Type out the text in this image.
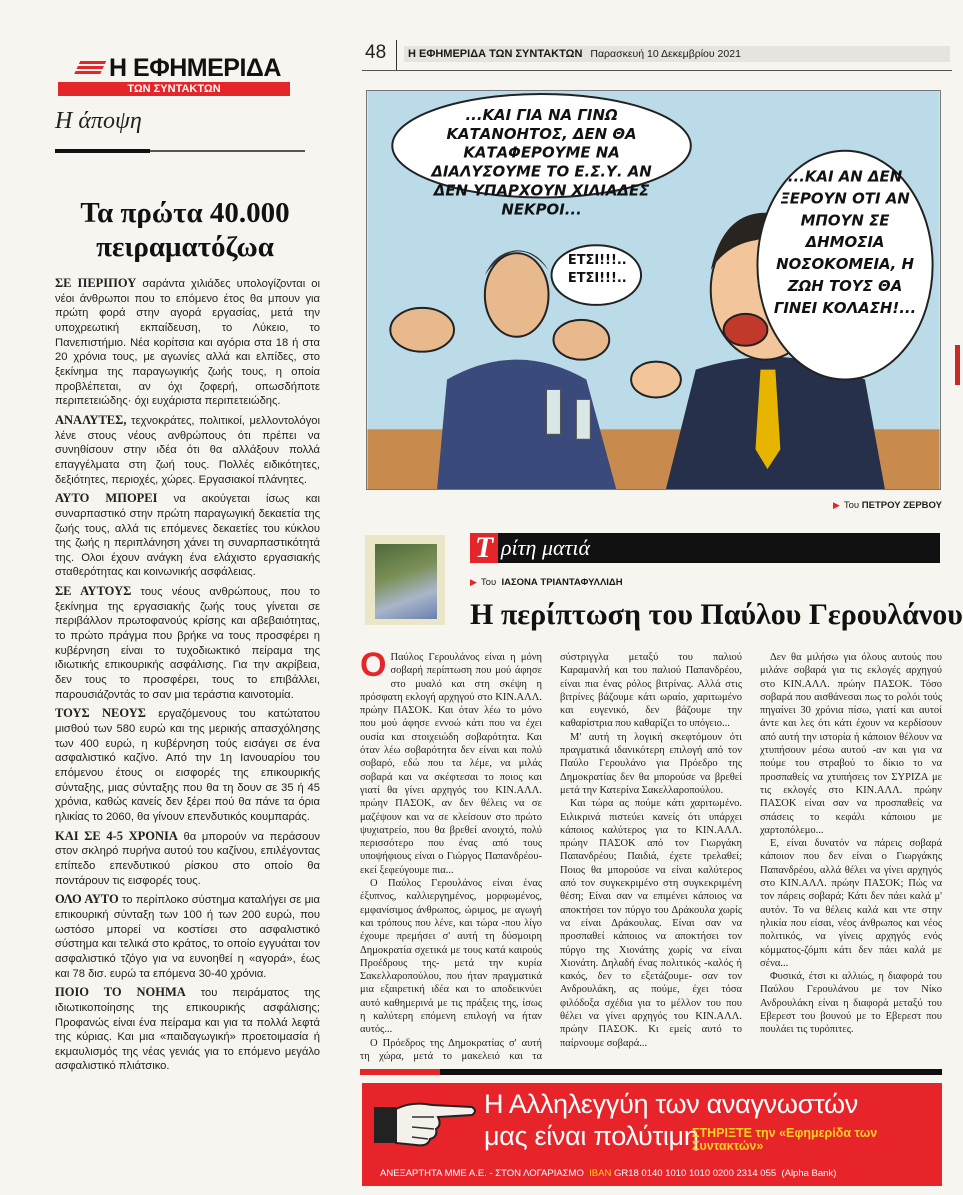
Η ΕΦΗΜΕΡΙΔΑ
ΤΩΝ ΣΥΝΤΑΚΤΩΝ
Η άποψη
Τα πρώτα 40.000 πειραματόζωα

ΣΕ ΠΕΡΙΠΟΥ σαράντα χιλιάδες υπολογίζονται οι νέοι άνθρωποι που το επόμενο έτος θα μπουν για πρώτη φορά στην αγορά εργασίας, μετά την υποχρεωτική εκπαίδευση, το Λύκειο, το Πανεπιστήμιο. Νέα κορίτσια και αγόρια στα 18 ή στα 20 χρόνια τους, με αγωνίες αλλά και ελπίδες, στο ξεκίνημα της παραγωγικής ζωής τους, η οποία προβλέπεται, αν όχι ζοφερή, οπωσδήποτε περιπετειώδης· όχι ευχάριστα περιπετειώδης.

ΑΝΑΛΥΤΕΣ, τεχνοκράτες, πολιτικοί, μελλοντολόγοι λένε στους νέους ανθρώπους ότι πρέπει να συνηθίσουν στην ιδέα ότι θα αλλάξουν πολλά επαγγέλματα στη ζωή τους. Πολλές ειδικότητες, δεξιότητες, περιοχές, χώρες. Εργασιακοί πλάνητες.

ΑΥΤΟ ΜΠΟΡΕΙ να ακούγεται ίσως και συναρπαστικό στην πρώτη παραγωγική δεκαετία της ζωής τους, αλλά τις επόμενες δεκαετίες του κύκλου της ζωής η περιπλάνηση χάνει τη συναρπαστικότητά της. Ολοι έχουν ανάγκη ένα ελάχιστο εργασιακής σταθερότητας και κοινωνικής ασφάλειας.

ΣΕ ΑΥΤΟΥΣ τους νέους ανθρώπους, που το ξεκίνημα της εργασιακής ζωής τους γίνεται σε περιβάλλον πρωτοφανούς κρίσης και αβεβαιότητας, το πρώτο πράγμα που βρήκε να τους προσφέρει η κυβέρνηση είναι το τυχοδιωκτικό πείραμα της ιδιωτικής επικουρικής ασφάλισης. Για την ακρίβεια, δεν τους το προσφέρει, τους το επιβάλλει, παρουσιάζοντάς το σαν μια τεράστια καινοτομία.

ΤΟΥΣ ΝΕΟΥΣ εργαζόμενους του κατώτατου μισθού των 580 ευρώ και της μερικής απασχόλησης των 400 ευρώ, η κυβέρνηση τούς εισάγει σε ένα ασφαλιστικό καζίνο. Από την 1η Ιανουαρίου του επόμενου έτους οι εισφορές της επικουρικής σύνταξης, μιας σύνταξης που θα τη δουν σε 35 ή 45 χρόνια, καθώς κανείς δεν ξέρει πού θα πάνε τα όρια ηλικίας το 2060, θα γίνουν επενδυτικός κουμπαράς.

ΚΑΙ ΣΕ 4-5 ΧΡΟΝΙΑ θα μπορούν να περάσουν στον σκληρό πυρήνα αυτού του καζίνου, επιλέγοντας επίπεδο επενδυτικού ρίσκου στο οποίο θα ποντάρουν τις εισφορές τους.

ΟΛΟ ΑΥΤΟ το περίπλοκο σύστημα καταλήγει σε μια επικουρική σύνταξη των 100 ή των 200 ευρώ, που ωστόσο μπορεί να κοστίσει στο ασφαλιστικό σύστημα και τελικά στο κράτος, το οποίο εγγυάται τον ασφαλιστικό τζόγο για να ευνοηθεί η «αγορά», έως και 78 δισ. ευρώ τα επόμενα 30-40 χρόνια.

ΠΟΙΟ ΤΟ ΝΟΗΜΑ του πειράματος της ιδιωτικοποίησης της επικουρικής ασφάλισης; Προφανώς είναι ένα πείραμα και για τα πολλά λεφτά της κύριας. Και μια «παιδαγωγική» προετοιμασία ή εκμαυλισμός της νέας γενιάς για το επόμενο μεγάλο ασφαλιστικό πλιάτσικο.

48	Η ΕΦΗΜΕΡΙΔΑ ΤΩΝ ΣΥΝΤΑΚΤΩΝ Παρασκευή 10 Δεκεμβρίου 2021
...ΚΑΙ ΓΙΑ ΝΑ ΓΙΝΩ ΚΑΤΑΝΟΗΤΟΣ, ΔΕΝ ΘΑ ΚΑΤΑΦΕΡΟΥΜΕ ΝΑ ΔΙΑΛΥΣΟΥΜΕ ΤΟ Ε.Σ.Υ. ΑΝ ΔΕΝ ΥΠΑΡΧΟΥΝ ΧΙΛΙΑΔΕΣ ΝΕΚΡΟΙ...
ΕΤΣΙ!!!.. ΕΤΣΙ!!!..
...ΚΑΙ ΑΝ ΔΕΝ ΞΕΡΟΥΝ ΟΤΙ ΑΝ ΜΠΟΥΝ ΣΕ ΔΗΜΟΣΙΑ ΝΟΣΟΚΟΜΕΙΑ, Η ΖΩΗ ΤΟΥΣ ΘΑ ΓΙΝΕΙ ΚΟΛΑΣΗ!...
▶ Του ΠΕΤΡΟΥ ΖΕΡΒΟΥ
Τ ρίτη ματιά
▶ Του ΙΑΣΟΝΑ ΤΡΙΑΝΤΑΦΥΛΛΙΔΗ
Η περίπτωση του Παύλου Γερουλάνου

Ο Παύλος Γερουλάνος είναι η μόνη σοβαρή περίπτωση που μού άφησε στο μυαλό και στη σκέψη η πρόσφατη εκλογή αρχηγού στο ΚΙΝ.ΑΛΛ. πρώην ΠΑΣΟΚ. Και όταν λέω το μόνο που μού άφησε εννοώ κάτι που να έχει ουσία και στοιχειώδη σοβαρότητα. Και όταν λέω σοβαρότητα δεν είναι και πολύ σοβαρό, εδώ που τα λέμε, να μιλάς σοβαρά και να σκέφτεσαι το ποιος και γιατί θα γίνει αρχηγός του ΚΙΝ.ΑΛΛ. πρώην ΠΑΣΟΚ, αν δεν θέλεις να σε μαζέψουν και να σε κλείσουν στο πρώτο ψυχιατρείο, που θα βρεθεί ανοιχτό, πολύ περισσότερο που ένας από τους υποψήφιους είναι ο Γιώργος Παπανδρέου- εκεί ξεφεύγουμε πια...

Ο Παύλος Γερουλάνος είναι ένας έξυπνος, καλλιεργημένος, μορφωμένος, εμφανίσιμος άνθρωπος, ώριμος, με αγωγή και τρόπους που λένε, και τώρα -που λίγο έχουμε πρεμήσει σ' αυτή τη δύσμοιρη Δημοκρατία σχετικά με τους κατά καιρούς Προέδρους της- μετά την κυρία Σακελλαροπούλου, που ήταν πραγματικά μια εξαιρετική ιδέα και το αποδεικνύει αυτό καθημερινά με τις πράξεις της, ίσως η καλύτερη επόμενη επιλογή να ήταν αυτός...

Ο Πρόεδρος της Δημοκρατίας σ' αυτή τη χώρα, μετά το μακελειό και τα σύστριγγλα μεταξύ του παλιού Καραμανλή και του παλιού Παπανδρέου, είναι πια ένας ρόλος βιτρίνας. Αλλά στις βιτρίνες βάζουμε κάτι ωραίο, χαριτωμένο και ευγενικό, δεν βάζουμε την καθαρίστρια που καθαρίζει το υπόγειο...

Μ' αυτή τη λογική σκεφτόμουν ότι πραγματικά ιδανικότερη επιλογή από τον Παύλο Γερουλάνο για Πρόεδρο της Δημοκρατίας δεν θα μπορούσε να βρεθεί μετά την Κατερίνα Σακελλαροπούλου.

Και τώρα ας πούμε κάτι χαριτωμένο. Ειλικρινά πιστεύει κανείς ότι υπάρχει κάποιος καλύτερος για το ΚΙΝ.ΑΛΛ. πρώην ΠΑΣΟΚ από τον Γιωργάκη Παπανδρέου; Παιδιά, έχετε τρελαθεί; Ποιος θα μπορούσε να είναι καλύτερος από τον συγκεκριμένο στη συγκεκριμένη θέση; Είναι σαν να επιμένει κάποιος να αποκτήσει τον πύργο του Δράκουλα χωρίς να είναι Δράκουλας. Είναι σαν να προσπαθεί κάποιος να αποκτήσει τον πύργο της Χιονάτης χωρίς να είναι Χιονάτη. Δηλαδή ένας πολιτικός -καλός ή κακός, δεν το εξετάζουμε- σαν τον Ανδρουλάκη, ας πούμε, έχει τόσα φιλόδοξα σχέδια για το μέλλον του που θέλει να γίνει αρχηγός του ΚΙΝ.ΑΛΛ. πρώην ΠΑΣΟΚ. Κι εμείς αυτό το παίρνουμε σοβαρά...

Δεν θα μιλήσω για όλους αυτούς που μιλάνε σοβαρά για τις εκλογές αρχηγού στο ΚΙΝ.ΑΛΛ. πρώην ΠΑΣΟΚ. Τόσο σοβαρά που αισθάνεσαι πως το ρολόι τούς πηγαίνει 30 χρόνια πίσω, γιατί και αυτοί άντε και λες ότι κάτι έχουν να κερδίσουν από αυτή την ιστορία ή κάποιον θέλουν να χτυπήσουν μέσω αυτού -αν και για να πούμε του στραβού το δίκιο το να προσπαθείς να χτυπήσεις τον ΣΥΡΙΖΑ με τις εκλογές στο ΚΙΝ.ΑΛΛ. πρώην ΠΑΣΟΚ είναι σαν να προσπαθείς να σπάσεις το κεφάλι κάποιου με χαρτοπόλεμο...

Ε, είναι δυνατόν να πάρεις σοβαρά κάποιον που δεν είναι ο Γιωργάκης Παπανδρέου, αλλά θέλει να γίνει αρχηγός στο ΚΙΝ.ΑΛΛ. πρώην ΠΑΣΟΚ; Πώς να τον πάρεις σοβαρά; Κάτι δεν πάει καλά μ' αυτόν. Το να θέλεις καλά και ντε στην ηλικία που είσαι, νέος άνθρωπος και νέος πολιτικός, να γίνεις αρχηγός ενός κόμματος-ζόμπι κάτι δεν πάει καλά με σένα...

Φυσικά, έτσι κι αλλιώς, η διαφορά του Παύλου Γερουλάνου με τον Νίκο Ανδρουλάκη είναι η διαφορά μεταξύ του Εβερεστ του βουνού με το Εβερεστ που πουλάει τις τυρόπιτες.

Η Αλληλεγγύη των αναγνωστών
μας είναι πολύτιμη
ΣΤΗΡΙΞΤΕ την «Εφημερίδα των Συντακτών»
ΑΝΕΞΑΡΤΗΤΑ ΜΜΕ Α.Ε. - ΣΤΟΝ ΛΟΓΑΡΙΑΣΜΟ IBAN GR18 0140 1010 1010 0200 2314 055 (Alpha Bank)
